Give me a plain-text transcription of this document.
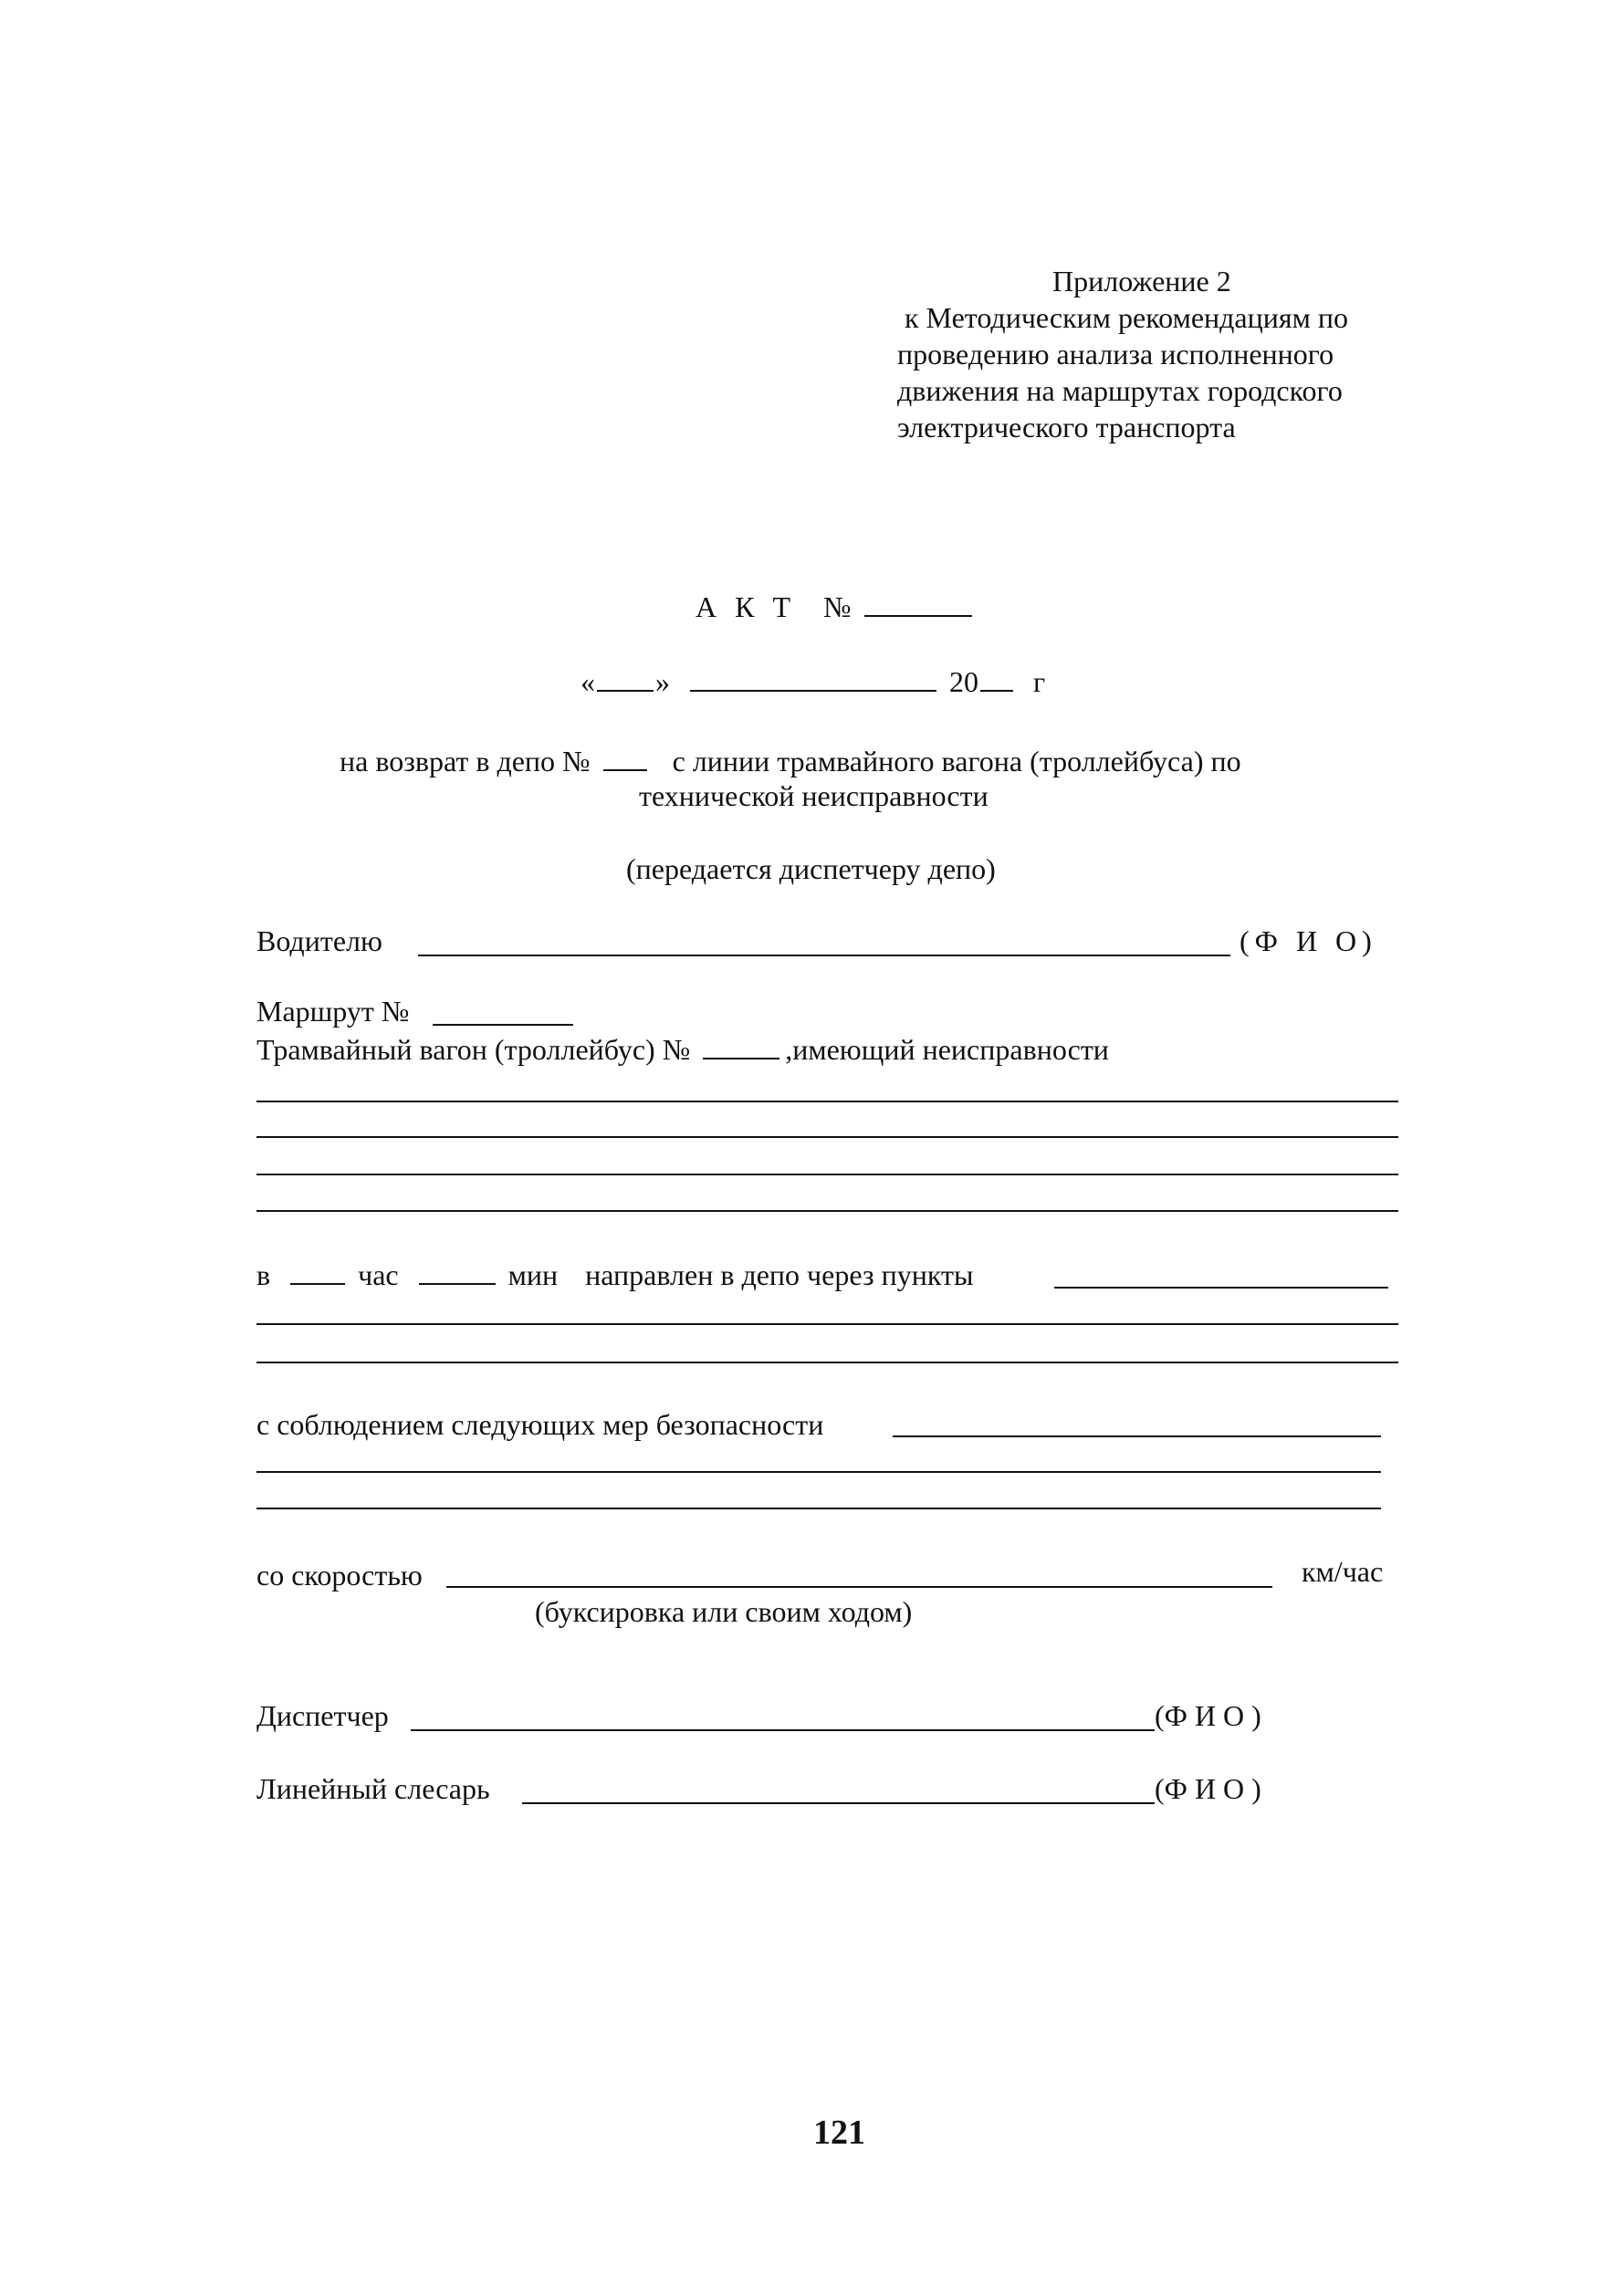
Приложение 2
к Методическим рекомендациям по
проведению анализа исполненного
движения на маршрутах городского
электрического транспорта
А К Т №
« »	20 г
на возврат в депо №	с линии трамвайного вагона (троллейбуса) по
технической неисправности
(передается диспетчеру депо)
Водителю	(Ф И О)
Маршрут №
Трамвайный вагон (троллейбус) №	,имеющий неисправности
в	час	мин направлен в депо через пункты
с соблюдением следующих мер безопасности
со скоростью	км/час
(буксировка или своим ходом)
Диспетчер	(Ф И О )
Линейный слесарь	(Ф И О )
121
